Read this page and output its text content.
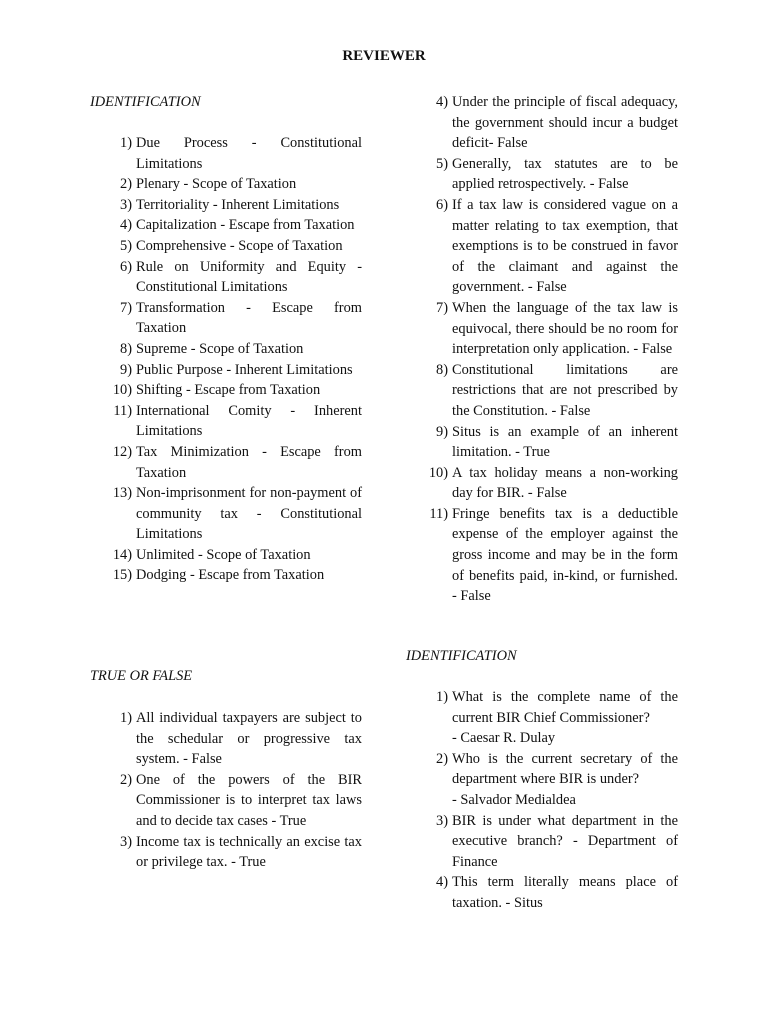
REVIEWER
IDENTIFICATION
1) Due Process - Constitutional Limitations
2) Plenary - Scope of Taxation
3) Territoriality - Inherent Limitations
4) Capitalization - Escape from Taxation
5) Comprehensive - Scope of Taxation
6) Rule on Uniformity and Equity - Constitutional Limitations
7) Transformation - Escape from Taxation
8) Supreme - Scope of Taxation
9) Public Purpose - Inherent Limitations
10) Shifting - Escape from Taxation
11) International Comity - Inherent Limitations
12) Tax Minimization - Escape from Taxation
13) Non-imprisonment for non-payment of community tax - Constitutional Limitations
14) Unlimited - Scope of Taxation
15) Dodging - Escape from Taxation
TRUE OR FALSE
1) All individual taxpayers are subject to the schedular or progressive tax system. - False
2) One of the powers of the BIR Commissioner is to interpret tax laws and to decide tax cases - True
3) Income tax is technically an excise tax or privilege tax. - True
4) Under the principle of fiscal adequacy, the government should incur a budget deficit- False
5) Generally, tax statutes are to be applied retrospectively. - False
6) If a tax law is considered vague on a matter relating to tax exemption, that exemptions is to be construed in favor of the claimant and against the government. - False
7) When the language of the tax law is equivocal, there should be no room for interpretation only application. - False
8) Constitutional limitations are restrictions that are not prescribed by the Constitution. - False
9) Situs is an example of an inherent limitation. - True
10) A tax holiday means a non-working day for BIR. - False
11) Fringe benefits tax is a deductible expense of the employer against the gross income and may be in the form of benefits paid, in-kind, or furnished. - False
IDENTIFICATION
1) What is the complete name of the current BIR Chief Commissioner?
- Caesar R. Dulay
2) Who is the current secretary of the department where BIR is under?
- Salvador Medialdea
3) BIR is under what department in the executive branch? - Department of Finance
4) This term literally means place of taxation. - Situs
